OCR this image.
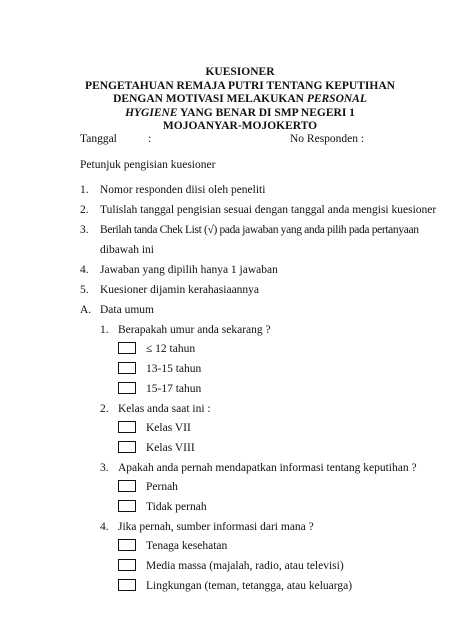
KUESIONER
PENGETAHUAN REMAJA PUTRI TENTANG KEPUTIHAN
DENGAN MOTIVASI MELAKUKAN PERSONAL
HYGIENE YANG BENAR DI SMP NEGERI 1
MOJOANYAR-MOJOKERTO
Tanggal	:	No Responden :
Petunjuk pengisian kuesioner
1. Nomor responden diisi oleh peneliti
2. Tulislah tanggal pengisian sesuai dengan tanggal anda mengisi kuesioner
3. Berilah tanda Chek List (√) pada jawaban yang anda pilih pada pertanyaan
dibawah ini
4. Jawaban yang dipilih hanya 1 jawaban
5. Kuesioner dijamin kerahasiaannya
A. Data umum
1. Berapakah umur anda sekarang ?
≤ 12 tahun
13-15 tahun
15-17 tahun
2. Kelas anda saat ini :
Kelas VII
Kelas VIII
3. Apakah anda pernah mendapatkan informasi tentang keputihan ?
Pernah
Tidak pernah
4. Jika pernah, sumber informasi dari mana ?
Tenaga kesehatan
Media massa (majalah, radio, atau televisi)
Lingkungan (teman, tetangga, atau keluarga)
